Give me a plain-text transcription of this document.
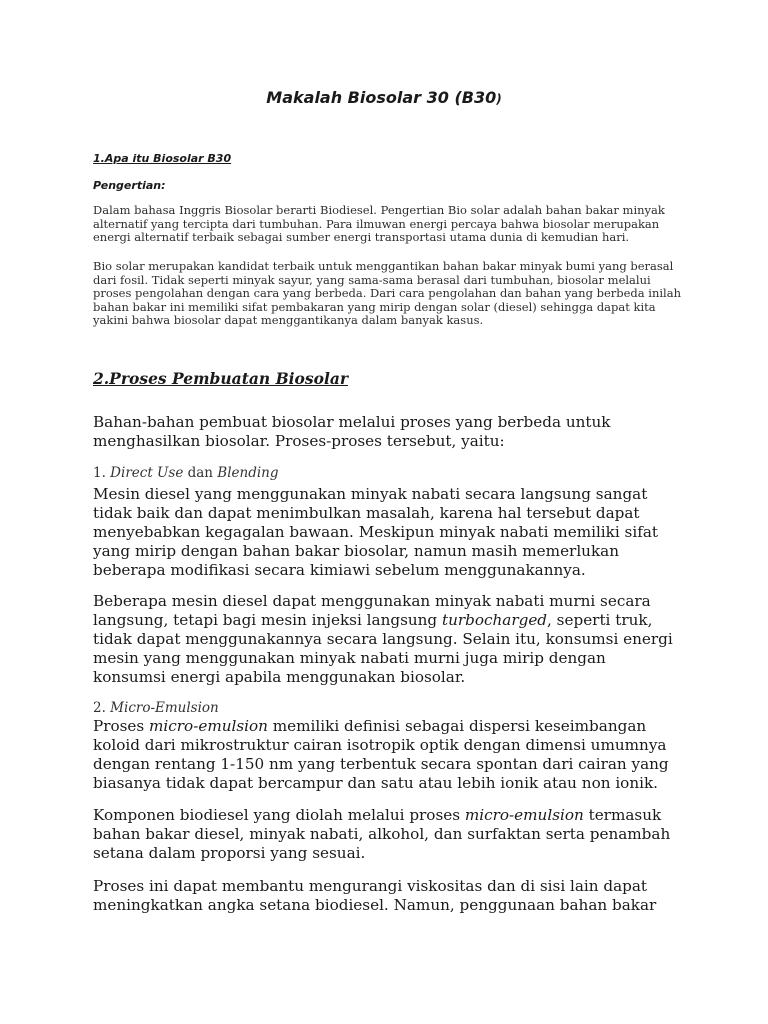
Makalah Biosolar 30 (B30)
1.Apa itu Biosolar B30
Pengertian:
Dalam bahasa Inggris Biosolar berarti Biodiesel. Pengertian Bio solar adalah bahan bakar minyak
alternatif yang tercipta dari tumbuhan. Para ilmuwan energi percaya bahwa biosolar merupakan
energi alternatif terbaik sebagai sumber energi transportasi utama dunia di kemudian hari.
Bio solar merupakan kandidat terbaik untuk menggantikan bahan bakar minyak bumi yang berasal
dari fosil. Tidak seperti minyak sayur, yang sama-sama berasal dari tumbuhan, biosolar melalui
proses pengolahan dengan cara yang berbeda. Dari cara pengolahan dan bahan yang berbeda inilah
bahan bakar ini memiliki sifat pembakaran yang mirip dengan solar (diesel) sehingga dapat kita
yakini bahwa biosolar dapat menggantikanya dalam banyak kasus.
2.Proses Pembuatan Biosolar
Bahan-bahan pembuat biosolar melalui proses yang berbeda untuk
menghasilkan biosolar. Proses-proses tersebut, yaitu:
1. Direct Use dan Blending
Mesin diesel yang menggunakan minyak nabati secara langsung sangat
tidak baik dan dapat menimbulkan masalah, karena hal tersebut dapat
menyebabkan kegagalan bawaan. Meskipun minyak nabati memiliki sifat
yang mirip dengan bahan bakar biosolar, namun masih memerlukan
beberapa modifikasi secara kimiawi sebelum menggunakannya.
Beberapa mesin diesel dapat menggunakan minyak nabati murni secara
langsung, tetapi bagi mesin injeksi langsung turbocharged, seperti truk,
tidak dapat menggunakannya secara langsung. Selain itu, konsumsi energi
mesin yang menggunakan minyak nabati murni juga mirip dengan
konsumsi energi apabila menggunakan biosolar.
2. Micro-Emulsion
Proses micro-emulsion memiliki definisi sebagai dispersi keseimbangan
koloid dari mikrostruktur cairan isotropik optik dengan dimensi umumnya
dengan rentang 1-150 nm yang terbentuk secara spontan dari cairan yang
biasanya tidak dapat bercampur dan satu atau lebih ionik atau non ionik.
Komponen biodiesel yang diolah melalui proses micro-emulsion termasuk
bahan bakar diesel, minyak nabati, alkohol, dan surfaktan serta penambah
setana dalam proporsi yang sesuai.
Proses ini dapat membantu mengurangi viskositas dan di sisi lain dapat
meningkatkan angka setana biodiesel. Namun, penggunaan bahan bakar
